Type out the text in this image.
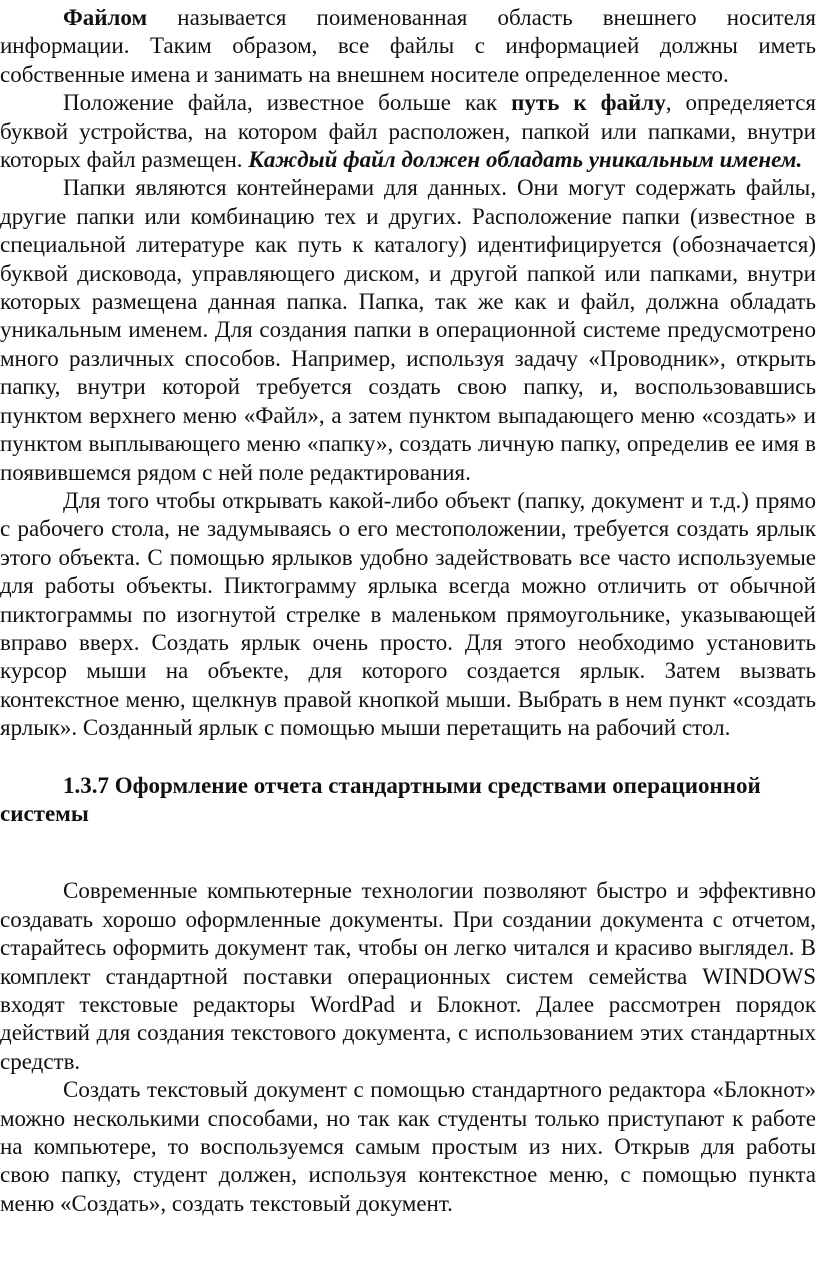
Файлом называется поименованная область внешнего носителя информации. Таким образом, все файлы с информацией должны иметь собственные имена и занимать на внешнем носителе определенное место.

Положение файла, известное больше как путь к файлу, определяется буквой устройства, на котором файл расположен, папкой или папками, внутри которых файл размещен. Каждый файл должен обладать уникальным именем.

Папки являются контейнерами для данных. Они могут содержать файлы, другие папки или комбинацию тех и других. Расположение папки (известное в специальной литературе как путь к каталогу) идентифицируется (обозначается) буквой дисковода, управляющего диском, и другой папкой или папками, внутри которых размещена данная папка. Папка, так же как и файл, должна обладать уникальным именем. Для создания папки в операционной системе предусмотрено много различных способов. Например, используя задачу «Проводник», открыть папку, внутри которой требуется создать свою папку, и, воспользовавшись пунктом верхнего меню «Файл», а затем пунктом выпадающего меню «создать» и пунктом выплывающего меню «папку», создать личную папку, определив ее имя в появившемся рядом с ней поле редактирования.

Для того чтобы открывать какой-либо объект (папку, документ и т.д.) прямо с рабочего стола, не задумываясь о его местоположении, требуется создать ярлык этого объекта. С помощью ярлыков удобно задействовать все часто используемые для работы объекты. Пиктограмму ярлыка всегда можно отличить от обычной пиктограммы по изогнутой стрелке в маленьком прямоугольнике, указывающей вправо вверх. Создать ярлык очень просто. Для этого необходимо установить курсор мыши на объекте, для которого создается ярлык. Затем вызвать контекстное меню, щелкнув правой кнопкой мыши. Выбрать в нем пункт «создать ярлык». Созданный ярлык с помощью мыши перетащить на рабочий стол.

1.3.7 Оформление отчета стандартными средствами операционной системы

Современные компьютерные технологии позволяют быстро и эффективно создавать хорошо оформленные документы. При создании документа с отчетом, старайтесь оформить документ так, чтобы он легко читался и красиво выглядел. В комплект стандартной поставки операционных систем семейства WINDOWS входят текстовые редакторы WordPad и Блокнот. Далее рассмотрен порядок действий для создания текстового документа, с использованием этих стандартных средств.

Создать текстовый документ с помощью стандартного редактора «Блокнот» можно несколькими способами, но так как студенты только приступают к работе на компьютере, то воспользуемся самым простым из них. Открыв для работы свою папку, студент должен, используя контекстное меню, с помощью пункта меню «Создать», создать текстовый документ.
